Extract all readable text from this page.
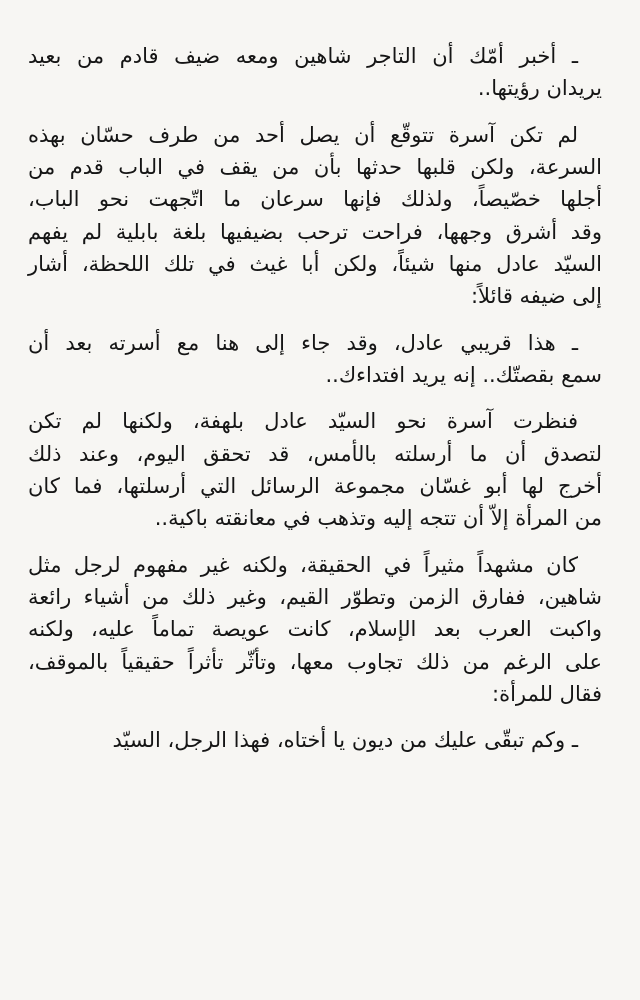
ـ أخبر أمّك أن التاجر شاهين ومعه ضيف قادم من بعيد
يريدان رؤيتها..

لم تكن آسرة تتوقّع أن يصل أحد من طرف حسّان بهذه
السرعة، ولكن قلبها حدثها بأن من يقف في الباب قدم من
أجلها خصّيصاً، ولذلك فإنها سرعان ما اتّجهت نحو الباب،
وقد أشرق وجهها، فراحت ترحب بضيفيها بلغة بابلية لم يفهم
السيّد عادل منها شيئاً، ولكن أبا غيث في تلك اللحظة، أشار
إلى ضيفه قائلاً:

ـ هذا قريبي عادل، وقد جاء إلى هنا مع أسرته بعد أن
سمع بقصتّك.. إنه يريد افتداءك..

فنظرت آسرة نحو السيّد عادل بلهفة، ولكنها لم تكن
لتصدق أن ما أرسلته بالأمس، قد تحقق اليوم، وعند ذلك
أخرج لها أبو غسّان مجموعة الرسائل التي أرسلتها، فما كان
من المرأة إلاّ أن تتجه إليه وتذهب في معانقته باكية..

كان مشهداً مثيراً في الحقيقة، ولكنه غير مفهوم لرجل مثل
شاهين، ففارق الزمن وتطوّر القيم، وغير ذلك من أشياء رائعة
واكبت العرب بعد الإسلام، كانت عويصة تماماً عليه، ولكنه
على الرغم من ذلك تجاوب معها، وتأثّر تأثراً حقيقياً بالموقف،
فقال للمرأة:

ـ وكم تبقّى عليك من ديون يا أختاه، فهذا الرجل، السيّد
